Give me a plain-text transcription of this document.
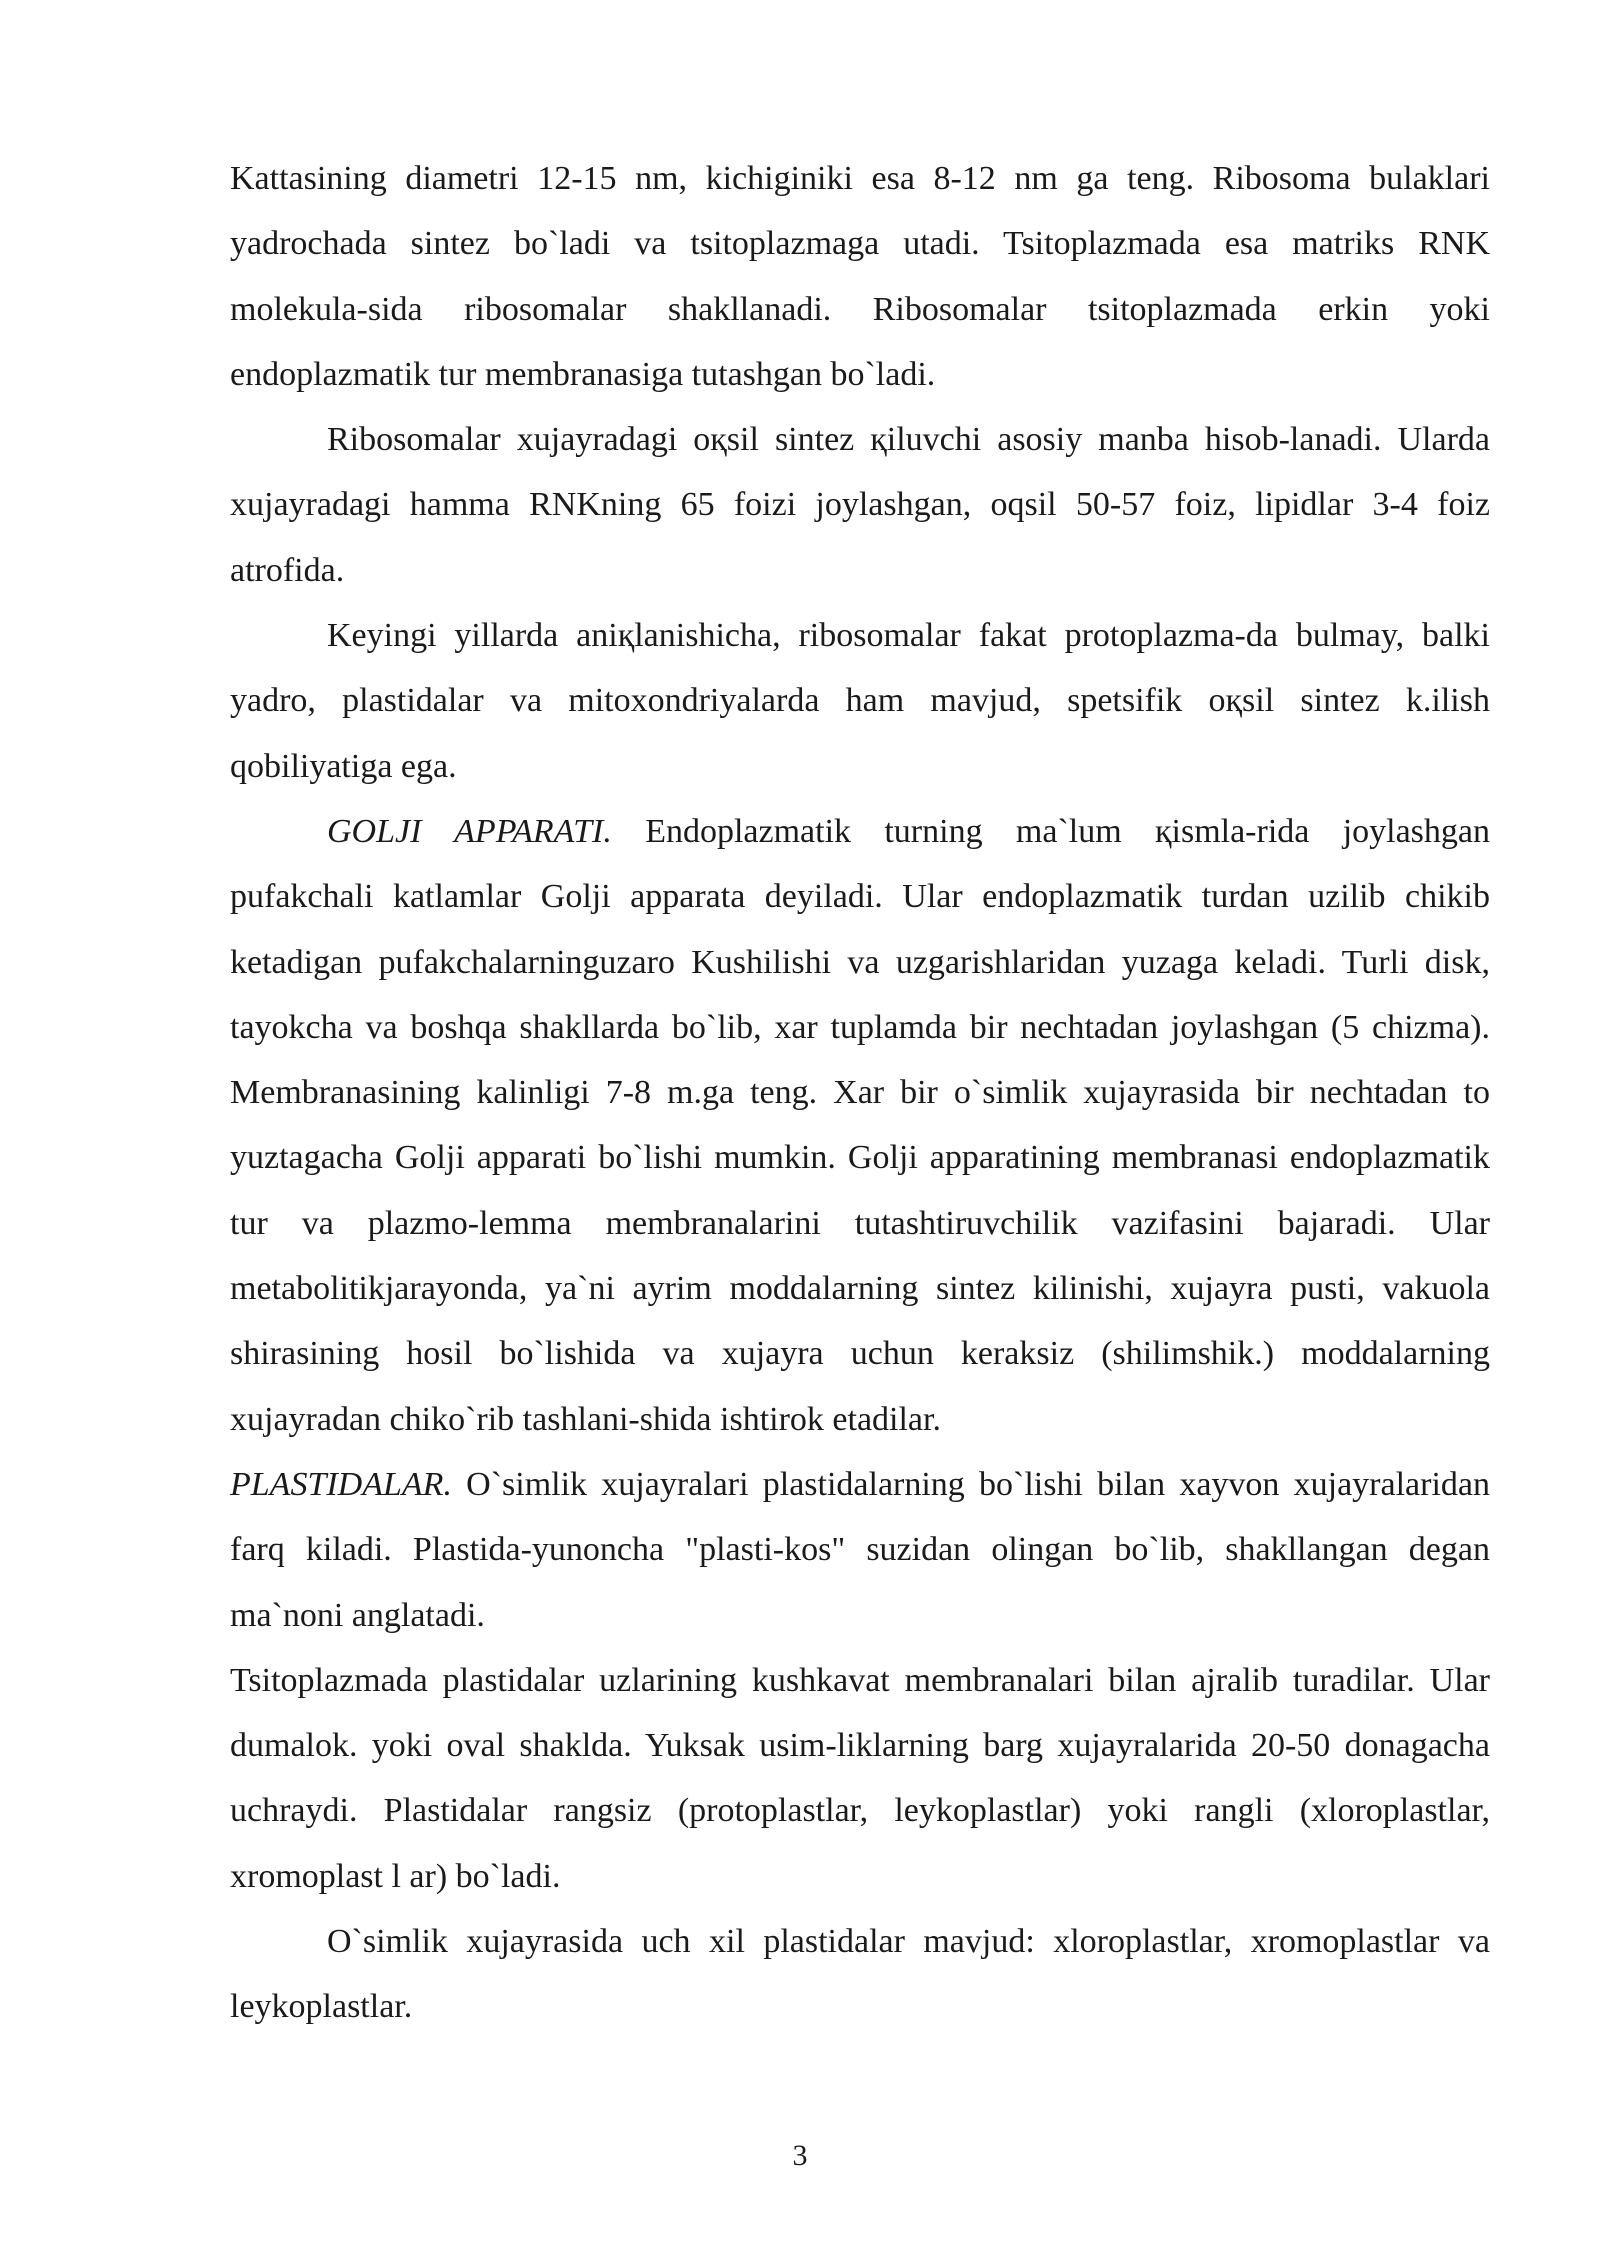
Kattasining diametri 12-15 nm, kichiginiki esa 8-12 nm ga teng. Ribosoma bulaklari yadrochada sintez bo`ladi va tsitoplazmaga utadi. Tsitoplazmada esa matriks RNK molekula-sida ribosomalar shakllanadi. Ribosomalar tsitoplazmada erkin yoki endoplazmatik tur membranasiga tutashgan bo`ladi.

Ribosomalar xujayradagi oқsil sintez қiluvchi asosiy manba hisob-lanadi. Ularda xujayradagi hamma RNKning 65 foizi joylashgan, oqsil 50-57 foiz, lipidlar 3-4 foiz atrofida.

Keyingi yillarda aniқlanishicha, ribosomalar fakat protoplazma-da bulmay, balki yadro, plastidalar va mitoxondriyalarda ham mavjud, spetsifik oқsil sintez k.ilish qobiliyatiga ega.

GOLJI APPARATI. Endoplazmatik turning ma`lum қismla-rida joylashgan pufakchali katlamlar Golji apparata deyiladi. Ular endoplazmatik turdan uzilib chikib ketadigan pufakchalarninguzaro Kushilishi va uzgarishlaridan yuzaga keladi. Turli disk, tayokcha va boshqa shakllarda bo`lib, xar tuplamda bir nechtadan joylashgan (5 chizma). Membranasining kalinligi 7-8 m.ga teng. Xar bir o`simlik xujayrasida bir nechtadan to yuztagacha Golji apparati bo`lishi mumkin. Golji apparatining membranasi endoplazmatik tur va plazmo-lemma membranalarini tutashtiruvchilik vazifasini bajaradi. Ular metabolitikjarayonda, ya`ni ayrim moddalarning sintez kilinishi, xujayra pusti, vakuola shirasining hosil bo`lishida va xujayra uchun keraksiz (shilimshik.) moddalarning xujayradan chiko`rib tashlani-shida ishtirok etadilar.

PLASTIDALAR. O`simlik xujayralari plastidalarning bo`lishi bilan xayvon xujayralaridan farq kiladi. Plastida-yunoncha "plasti-kos" suzidan olingan bo`lib, shakllangan degan ma`noni anglatadi.

Tsitoplazmada plastidalar uzlarining kushkavat membranalari bilan ajralib turadilar. Ular dumalok. yoki oval shaklda. Yuksak usim-liklarning barg xujayralarida 20-50 donagacha uchraydi. Plastidalar rangsiz (protoplastlar, leykoplastlar) yoki rangli (xloroplastlar, xromoplast l ar) bo`ladi.

O`simlik xujayrasida uch xil plastidalar mavjud: xloroplastlar, xromoplastlar va leykoplastlar.

3
